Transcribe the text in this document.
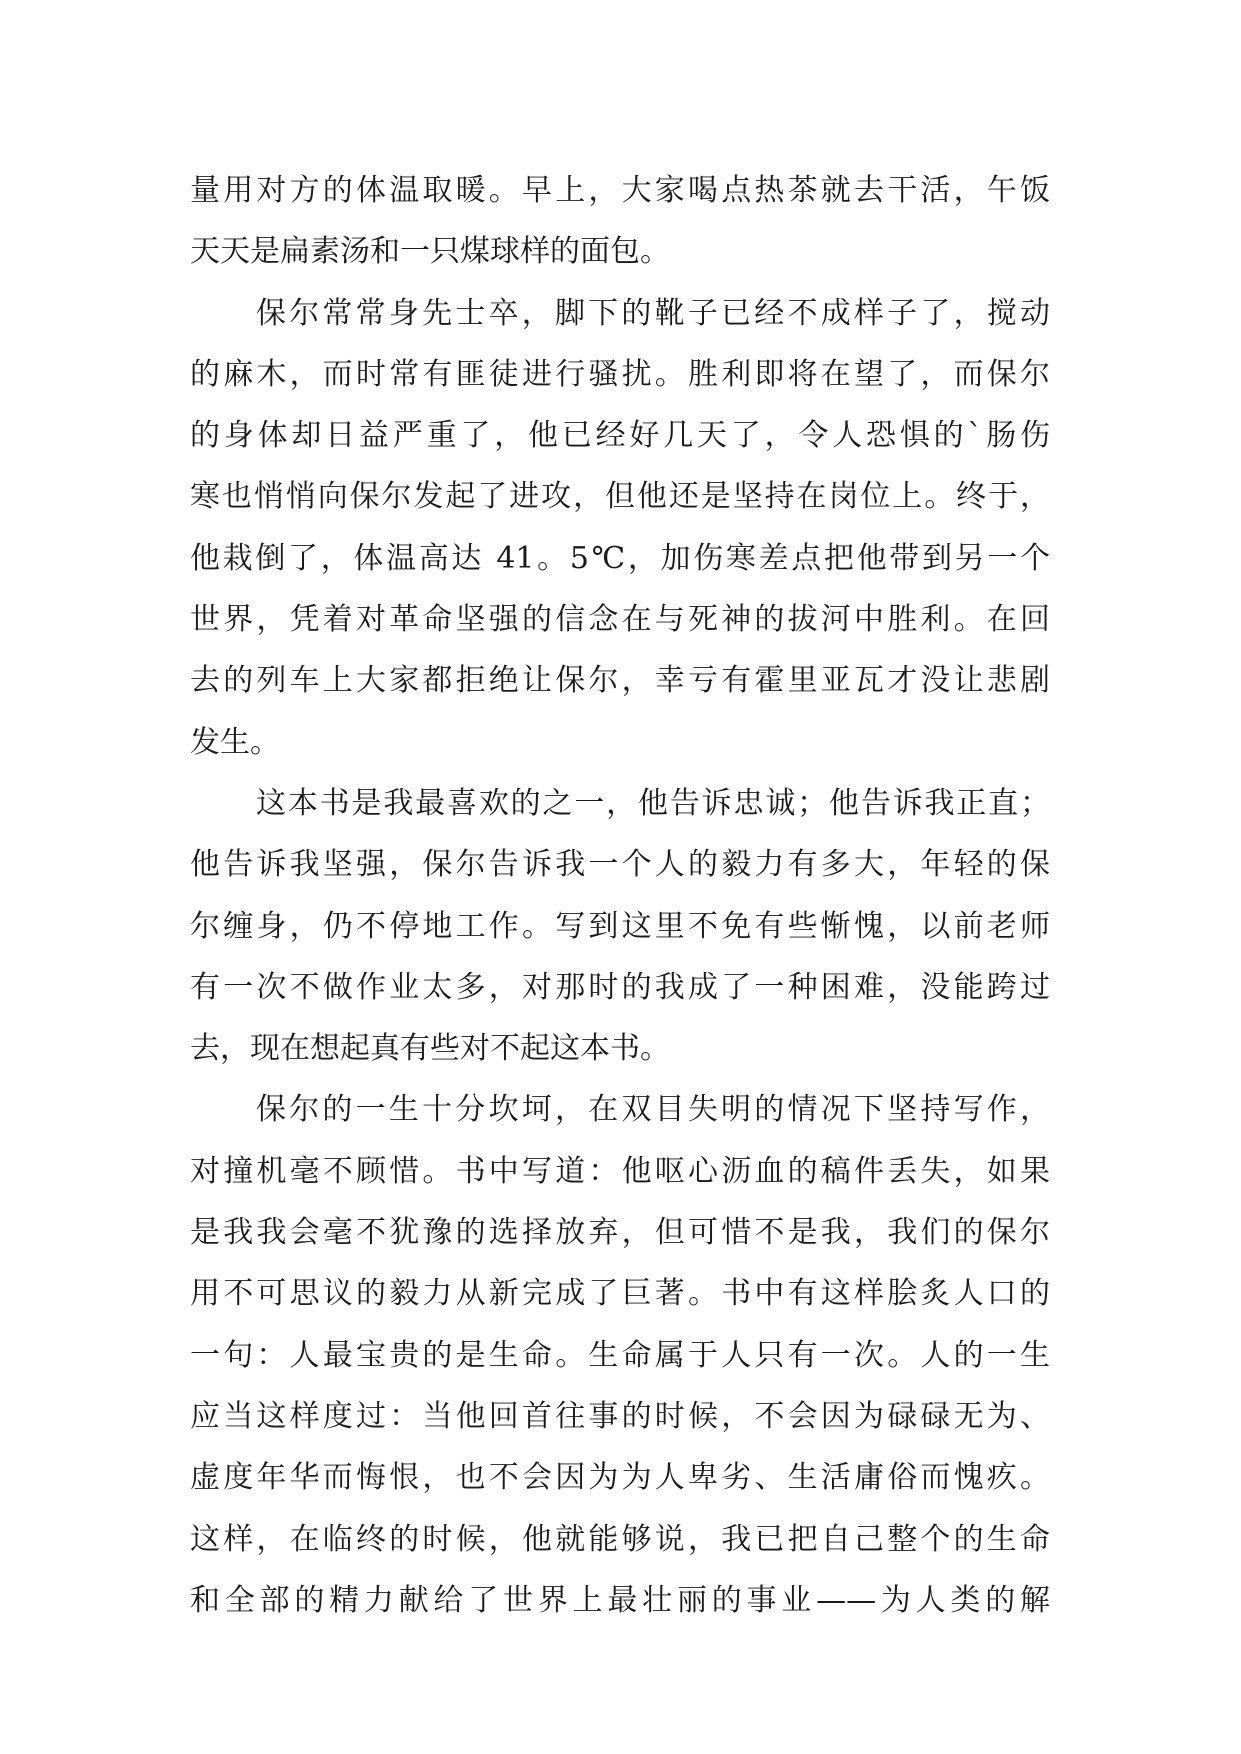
量用对方的体温取暖。早上，大家喝点热茶就去干活，午饭
天天是扁素汤和一只煤球样的面包。
保尔常常身先士卒，脚下的靴子已经不成样子了，搅动
的麻木，而时常有匪徒进行骚扰。胜利即将在望了，而保尔
的身体却日益严重了，他已经好几天了，令人恐惧的`肠伤
寒也悄悄向保尔发起了进攻，但他还是坚持在岗位上。终于，
他栽倒了，体温高达 41。5℃，加伤寒差点把他带到另一个
世界，凭着对革命坚强的信念在与死神的拔河中胜利。在回
去的列车上大家都拒绝让保尔，幸亏有霍里亚瓦才没让悲剧
发生。
这本书是我最喜欢的之一，他告诉忠诚；他告诉我正直；
他告诉我坚强，保尔告诉我一个人的毅力有多大，年轻的保
尔缠身，仍不停地工作。写到这里不免有些惭愧，以前老师
有一次不做作业太多，对那时的我成了一种困难，没能跨过
去，现在想起真有些对不起这本书。
保尔的一生十分坎坷，在双目失明的情况下坚持写作，
对撞机毫不顾惜。书中写道：他呕心沥血的稿件丢失，如果
是我我会毫不犹豫的选择放弃，但可惜不是我，我们的保尔
用不可思议的毅力从新完成了巨著。书中有这样脍炙人口的
一句：人最宝贵的是生命。生命属于人只有一次。人的一生
应当这样度过：当他回首往事的时候，不会因为碌碌无为、
虚度年华而悔恨，也不会因为为人卑劣、生活庸俗而愧疚。
这样，在临终的时候，他就能够说，我已把自己整个的生命
和全部的精力献给了世界上最壮丽的事业——为人类的解
